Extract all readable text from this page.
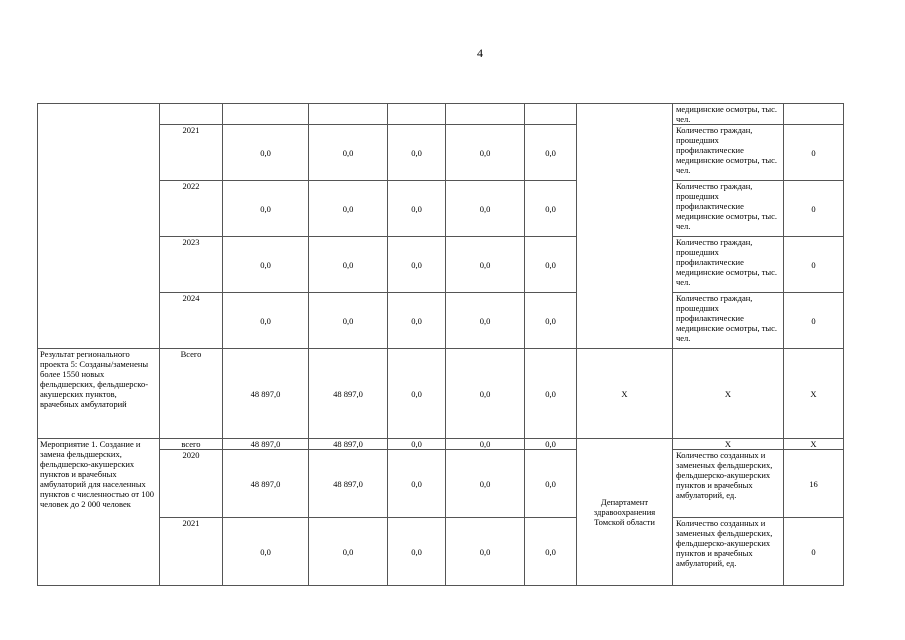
4
								медицинские осмотры, тыс. чел.	
	2021	0,0	0,0	0,0	0,0	0,0		Количество граждан, прошедших профилактические медицинские осмотры, тыс. чел.	0
	2022	0,0	0,0	0,0	0,0	0,0		Количество граждан, прошедших профилактические медицинские осмотры, тыс. чел.	0
	2023	0,0	0,0	0,0	0,0	0,0		Количество граждан, прошедших профилактические медицинские осмотры, тыс. чел.	0
	2024	0,0	0,0	0,0	0,0	0,0		Количество граждан, прошедших профилактические медицинские осмотры, тыс. чел.	0
Результат регионального проекта 5: Созданы/заменены более 1550 новых фельдшерских, фельдшерско-акушерских пунктов, врачебных амбулаторий	Всего	48 897,0	48 897,0	0,0	0,0	0,0	X	X	X
Мероприятие 1. Создание и замена фельдшерских, фельдшерско-акушерских пунктов и врачебных амбулаторий для населенных пунктов с численностью от 100 человек до 2 000 человек	всего	48 897,0	48 897,0	0,0	0,0	0,0	Департамент здравоохранения Томской области	X	X
	2020	48 897,0	48 897,0	0,0	0,0	0,0		Количество созданных и замененых фельдшерских, фельдшерско-акушерских пунктов и врачебных амбулаторий, ед.	16
	2021	0,0	0,0	0,0	0,0	0,0		Количество созданных и замененых фельдшерских, фельдшерско-акушерских пунктов и врачебных амбулаторий, ед.	0
